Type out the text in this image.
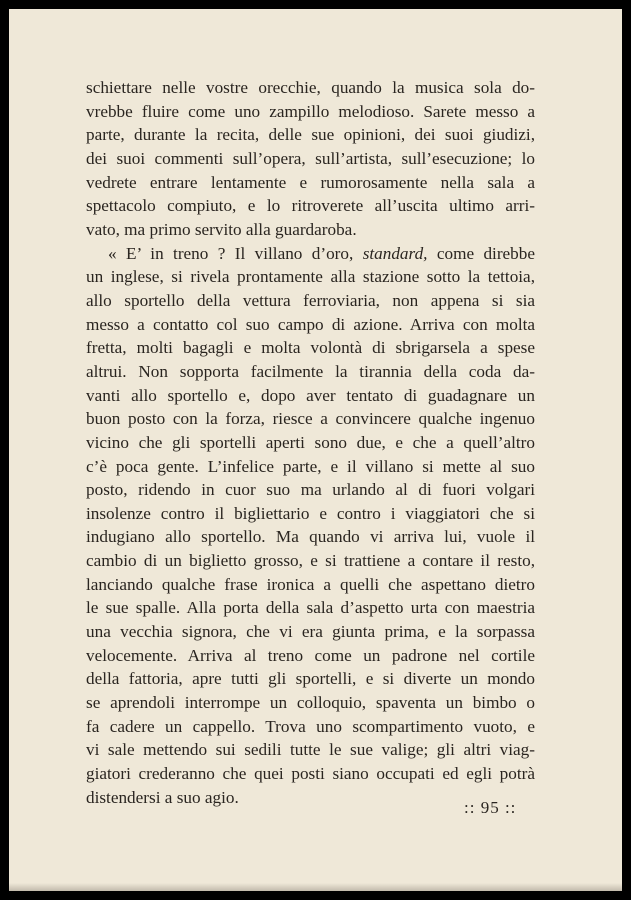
schiettare nelle vostre orecchie, quando la musica sola do-
vrebbe fluire come uno zampillo melodioso. Sarete messo a
parte, durante la recita, delle sue opinioni, dei suoi giudizi,
dei suoi commenti sull’opera, sull’artista, sull’esecuzione; lo
vedrete entrare lentamente e rumorosamente nella sala a
spettacolo compiuto, e lo ritroverete all’uscita ultimo arri-
vato, ma primo servito alla guardaroba.

« E’ in treno ? Il villano d’oro, standard, come direbbe
un inglese, si rivela prontamente alla stazione sotto la tettoia,
allo sportello della vettura ferroviaria, non appena si sia
messo a contatto col suo campo di azione. Arriva con molta
fretta, molti bagagli e molta volontà di sbrigarsela a spese
altrui. Non sopporta facilmente la tirannia della coda da-
vanti allo sportello e, dopo aver tentato di guadagnare un
buon posto con la forza, riesce a convincere qualche ingenuo
vicino che gli sportelli aperti sono due, e che a quell’altro
c’è poca gente. L’infelice parte, e il villano si mette al suo
posto, ridendo in cuor suo ma urlando al di fuori volgari
insolenze contro il bigliettario e contro i viaggiatori che si
indugiano allo sportello. Ma quando vi arriva lui, vuole il
cambio di un biglietto grosso, e si trattiene a contare il resto,
lanciando qualche frase ironica a quelli che aspettano dietro
le sue spalle. Alla porta della sala d’aspetto urta con maestria
una vecchia signora, che vi era giunta prima, e la sorpassa
velocemente. Arriva al treno come un padrone nel cortile
della fattoria, apre tutti gli sportelli, e si diverte un mondo
se aprendoli interrompe un colloquio, spaventa un bimbo o
fa cadere un cappello. Trova uno scompartimento vuoto, e
vi sale mettendo sui sedili tutte le sue valige; gli altri viag-
giatori crederanno che quei posti siano occupati ed egli potrà
distendersi a suo agio.

:: 95 ::
